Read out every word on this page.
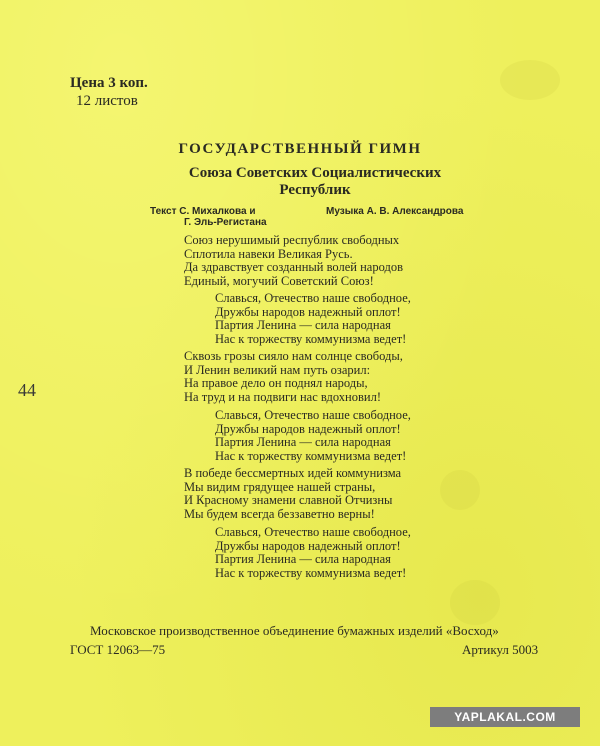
Цена 3 коп.
12 листов
ГОСУДАРСТВЕННЫЙ ГИМН
Союза Советских Социалистических
Республик
Текст С. Михалкова и
Г. Эль-Регистана
Музыка А. В. Александрова
Союз нерушимый республик свободных
Сплотила навеки Великая Русь.
Да здравствует созданный волей народов
Единый, могучий Советский Союз!
Славься, Отечество наше свободное,
Дружбы народов надежный оплот!
Партия Ленина — сила народная
Нас к торжеству коммунизма ведет!
Сквозь грозы сияло нам солнце свободы,
И Ленин великий нам путь озарил:
На правое дело он поднял народы,
На труд и на подвиги нас вдохновил!
Славься, Отечество наше свободное,
Дружбы народов надежный оплот!
Партия Ленина — сила народная
Нас к торжеству коммунизма ведет!
В победе бессмертных идей коммунизма
Мы видим грядущее нашей страны,
И Красному знамени славной Отчизны
Мы будем всегда беззаветно верны!
Славься, Отечество наше свободное,
Дружбы народов надежный оплот!
Партия Ленина — сила народная
Нас к торжеству коммунизма ведет!
44
Московское производственное объединение бумажных изделий «Восход»
ГОСТ 12063—75	Артикул 5003
YAPLAKAL.COM
